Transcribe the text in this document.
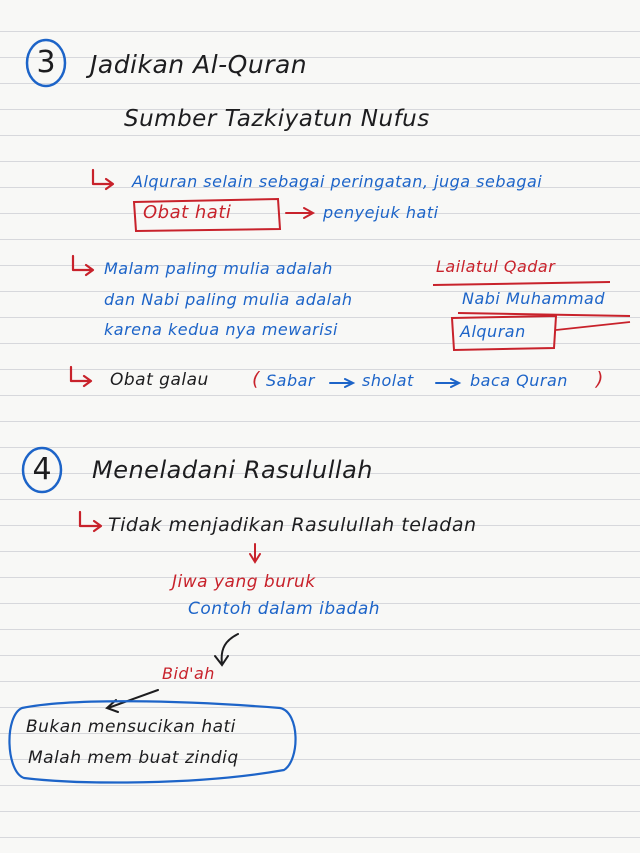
3 Jadikan Al-Quran
Sumber Tazkiyatun Nufus
Alquran selain sebagai peringatan, juga sebagai
Obat hati	penyejuk hati
Malam paling mulia adalah	Lailatul Qadar
dan Nabi paling mulia adalah	Nabi Muhammad
karena kedua nya mewarisi	Alquran
Obat galau ( Sabar	sholat	baca Quran )
4 Meneladani Rasulullah
Tidak menjadikan Rasulullah teladan
Jiwa yang buruk
Contoh dalam ibadah
Bid'ah
Bukan mensucikan hati
Malah mem buat zindiq
